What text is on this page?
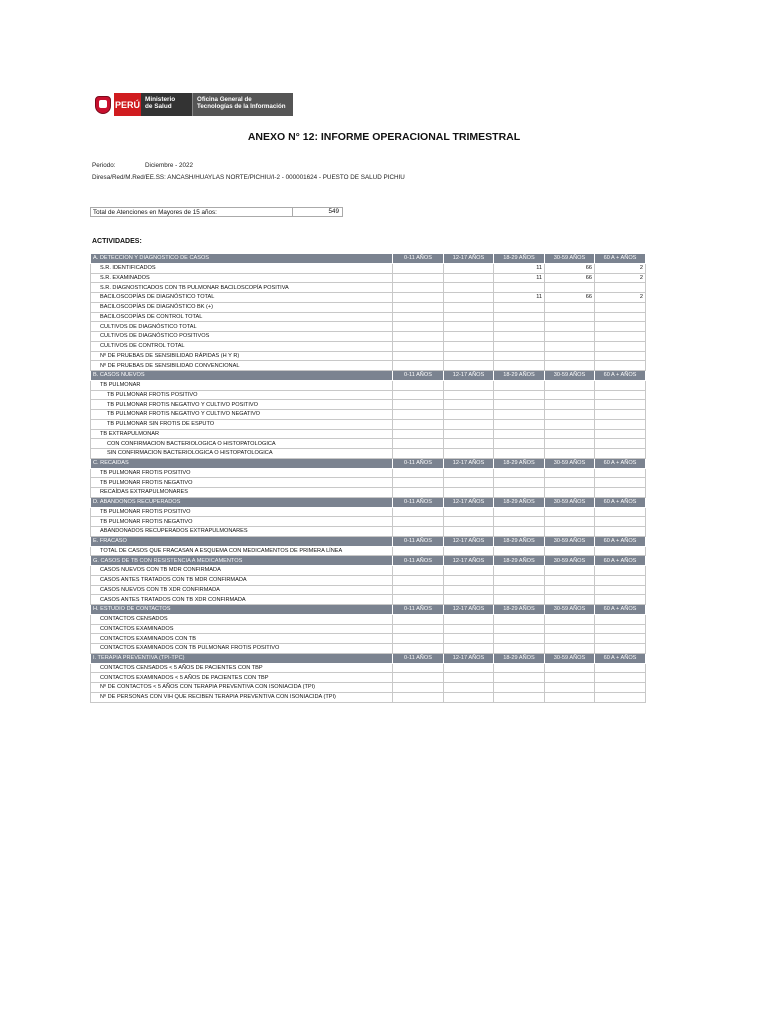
PERÚ Ministerio
de Salud
Oficina General de
Tecnologías de la Información
ANEXO N° 12: INFORME OPERACIONAL TRIMESTRAL
Periodo:	Diciembre - 2022
Diresa/Red/M.Red/EE.SS: ANCASH/HUAYLAS NORTE/PICHIU/I-2 - 000001624 - PUESTO DE SALUD PICHIU
Total de Atenciones en Mayores de 15 años:	549
ACTIVIDADES:
A. DETECCION Y DIAGNOSTICO DE CASOS	0-11 AÑOS	12-17 AÑOS	18-29 AÑOS	30-59 AÑOS	60 A + AÑOS
S.R. IDENTIFICADOS			11	66	2
S.R. EXAMINADOS			11	66	2
S.R. DIAGNOSTICADOS CON TB PULMONAR BACILOSCOPÍA POSITIVA					
BACILOSCOPÍAS DE DIAGNÓSTICO TOTAL			11	66	2
BACILOSCOPÍAS DE DIAGNÓSTICO BK (+)					
BACILOSCOPÍAS DE CONTROL TOTAL					
CULTIVOS DE DIAGNÓSTICO TOTAL					
CULTIVOS DE DIAGNÓSTICO POSITIVOS					
CULTIVOS DE CONTROL TOTAL					
Nº DE PRUEBAS DE SENSIBILIDAD RÁPIDAS (H Y R)					
Nº DE PRUEBAS DE SENSIBILIDAD CONVENCIONAL					
B. CASOS NUEVOS	0-11 AÑOS	12-17 AÑOS	18-29 AÑOS	30-59 AÑOS	60 A + AÑOS
TB PULMONAR					
TB PULMONAR FROTIS POSITIVO					
TB PULMONAR FROTIS NEGATIVO Y CULTIVO POSITIVO					
TB PULMONAR FROTIS NEGATIVO Y CULTIVO NEGATIVO					
TB PULMONAR SIN FROTIS DE ESPUTO					
TB EXTRAPULMONAR					
CON CONFIRMACION BACTERIOLOGICA O HISTOPATOLOGICA					
SIN CONFIRMACION BACTERIOLOGICA O HISTOPATOLOGICA					
C. RECAIDAS	0-11 AÑOS	12-17 AÑOS	18-29 AÑOS	30-59 AÑOS	60 A + AÑOS
TB PULMONAR FROTIS POSITIVO					
TB PULMONAR FROTIS NEGATIVO					
RECAÍDAS EXTRAPULMONARES					
D. ABANDONOS RECUPERADOS	0-11 AÑOS	12-17 AÑOS	18-29 AÑOS	30-59 AÑOS	60 A + AÑOS
TB PULMONAR FROTIS POSITIVO					
TB PULMONAR FROTIS NEGATIVO					
ABANDONADOS RECUPERADOS EXTRAPULMONARES					
E. FRACASO	0-11 AÑOS	12-17 AÑOS	18-29 AÑOS	30-59 AÑOS	60 A + AÑOS
TOTAL DE CASOS QUE FRACASAN A ESQUEMA CON MEDICAMENTOS DE PRIMERA LÍNEA					
G. CASOS DE TB CON RESISTENCIA A MEDICAMENTOS	0-11 AÑOS	12-17 AÑOS	18-29 AÑOS	30-59 AÑOS	60 A + AÑOS
CASOS NUEVOS CON TB MDR CONFIRMADA					
CASOS ANTES TRATADOS CON TB MDR CONFIRMADA					
CASOS NUEVOS CON TB XDR CONFIRMADA					
CASOS ANTES TRATADOS CON TB XDR CONFIRMADA					
H. ESTUDIO DE CONTACTOS	0-11 AÑOS	12-17 AÑOS	18-29 AÑOS	30-59 AÑOS	60 A + AÑOS
CONTACTOS CENSADOS					
CONTACTOS EXAMINADOS					
CONTACTOS EXAMINADOS CON TB					
CONTACTOS EXAMINADOS CON TB PULMONAR FROTIS POSITIVO					
I. TERAPIA PREVENTIVA (TPI-TPC)	0-11 AÑOS	12-17 AÑOS	18-29 AÑOS	30-59 AÑOS	60 A + AÑOS
CONTACTOS CENSADOS < 5 AÑOS DE PACIENTES CON TBP					
CONTACTOS EXAMINADOS < 5 AÑOS DE PACIENTES CON TBP					
Nº DE CONTACTOS < 5 AÑOS CON TERAPIA PREVENTIVA CON ISONIACIDA (TPI)					
Nº DE PERSONAS CON VIH QUE RECIBEN TERAPIA PREVENTIVA CON ISONIACIDA (TPI)					
